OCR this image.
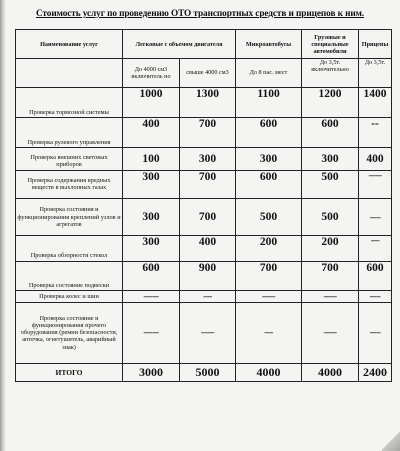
Стоимость услуг по проведению ОТО транспортных средств и прицепов к ним.
Наименование услуг	Легковые с объемом двигателя		Микроавтобусы	Грузовые и специальные автомобили	Прицепы
	До 4000 см3 включитель но	свыше 4000 см3	До 8 пас. мест	До 3,5т. включительно	До 3,5т.
Проверка тормозной системы	1000	1300	1100	1200	1400
Проверка рулевого управления	400	700	600	600	--
Проверка внешних световых приборов	100	300	300	300	400
Проверка содержания вредных веществ в выхлопных газах	300	700	600	500	------
Проверка состояния и функционирования креплений узлов и агрегатов	300	700	500	500	-----
Проверка обзорности стекол	300	400	200	200	----
Проверка состояние подвески	600	900	700	700	600
Проверка колес и шин	-------	----	------	------	-----
Проверка состояние и функционирования прочего оборудования (ремни безопасности, аптечка, огнетушитель, аварийный знак)	-------	------	----	------	-----
ИТОГО	3000	5000	4000	4000	2400
